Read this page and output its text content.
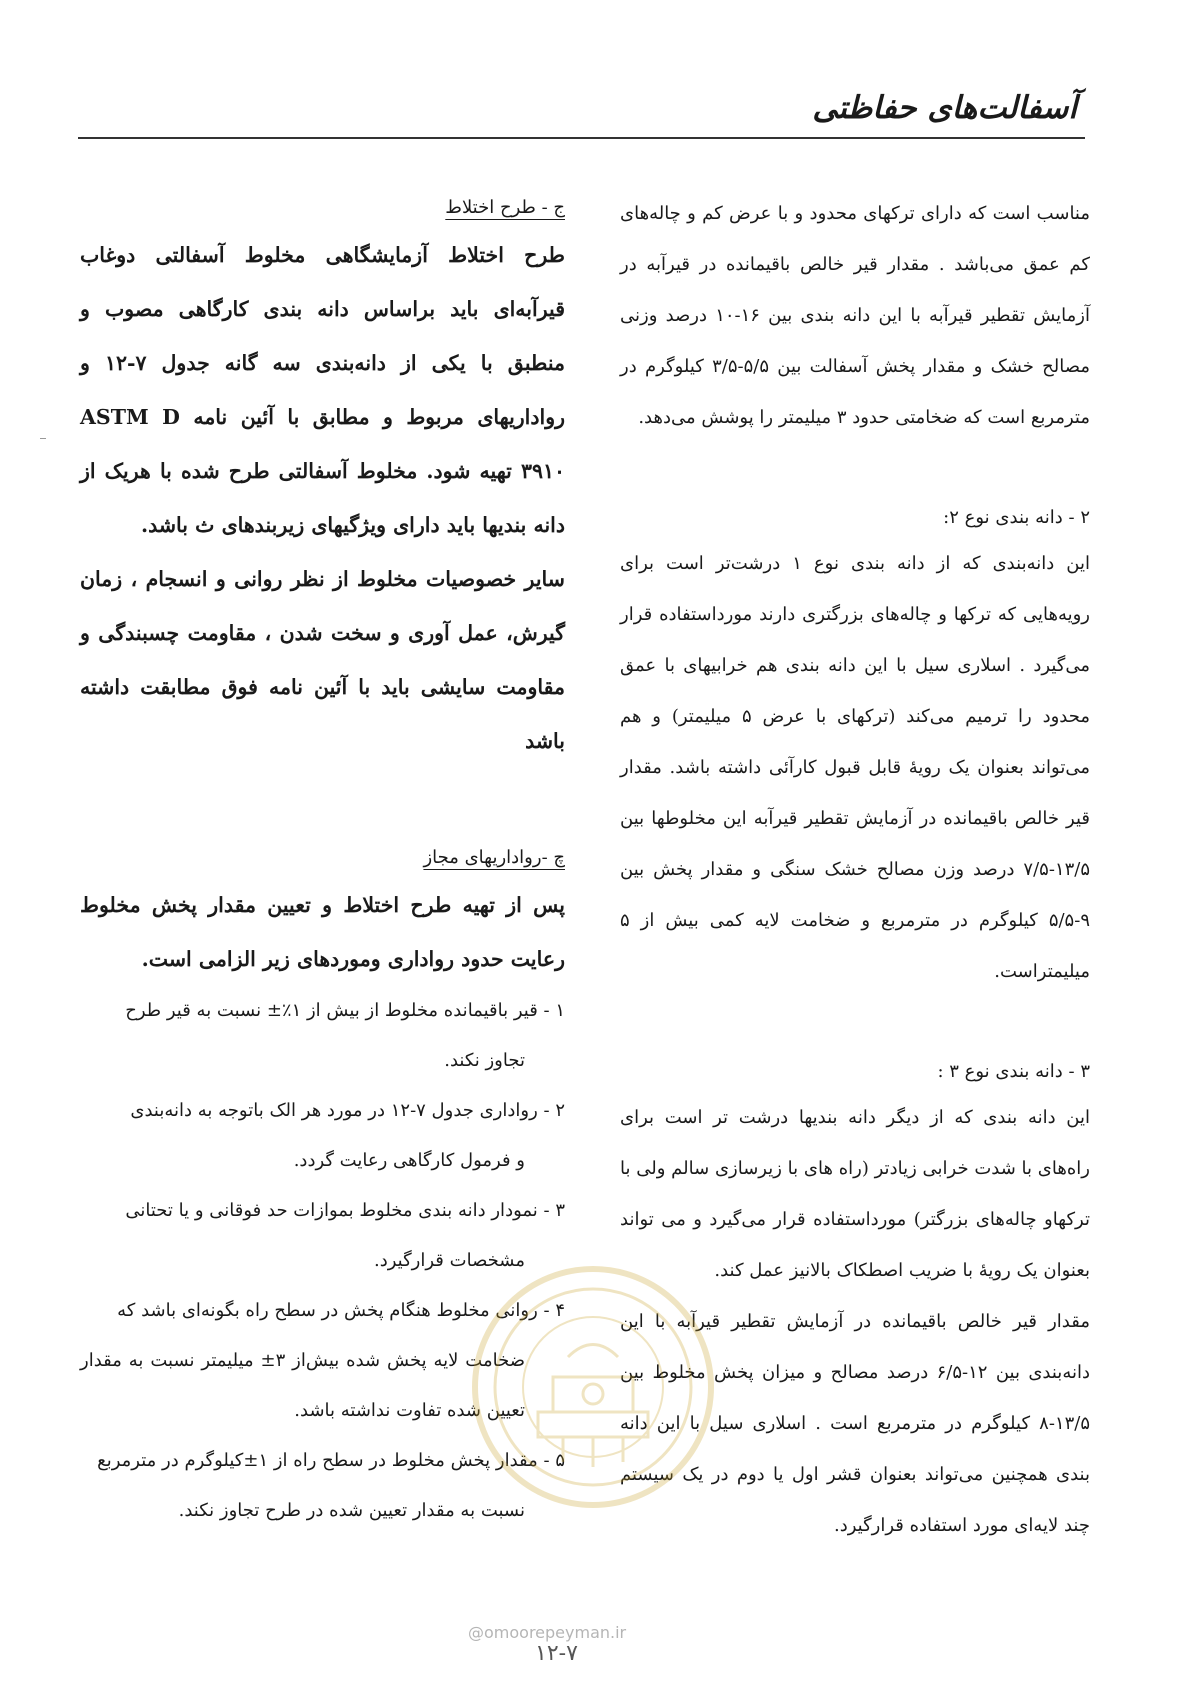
آسفالت‌های حفاظتی

مناسب است که دارای ترکهای محدود و با عرض کم و چاله‌های کم عمق می‌باشد . مقدار قیر خالص باقیمانده در قیرآبه در آزمایش تقطیر قیرآبه با این دانه بندی بین ۱۶-۱۰ درصد وزنی مصالح خشک و مقدار پخش آسفالت بین ۵/۵-۳/۵ کیلوگرم در مترمربع است که ضخامتی حدود ۳ میلیمتر را پوشش می‌دهد.

۲ - دانه بندی نوع ۲:

این دانه‌بندی که از دانه بندی نوع ۱ درشت‌تر است برای رویه‌هایی که ترکها و چاله‌های بزرگتری دارند مورداستفاده قرار می‌گیرد . اسلاری سیل با این دانه بندی هم خرابیهای با عمق محدود را ترمیم می‌کند (ترکهای با عرض ۵ میلیمتر) و هم می‌تواند بعنوان یک رویهٔ قابل قبول کارآئی داشته باشد. مقدار قیر خالص باقیمانده در آزمایش تقطیر قیرآبه این مخلوطها بین ۱۳/۵-۷/۵ درصد وزن مصالح خشک سنگی و مقدار پخش بین ۹-۵/۵ کیلوگرم در مترمربع و ضخامت لایه کمی بیش از ۵ میلیمتراست.

۳ - دانه بندی نوع ۳ :

این دانه بندی که از دیگر دانه بندیها درشت تر است برای راه‌های با شدت خرابی زیادتر (راه های با زیرسازی سالم ولی با ترکهاو چاله‌های بزرگتر) مورداستفاده قرار می‌گیرد و می تواند بعنوان یک رویهٔ با ضریب اصطکاک بالانیز عمل کند.

مقدار قیر خالص باقیمانده در آزمایش تقطیر قیرآبه با این دانه‌بندی بین ۱۲-۶/۵ درصد مصالح و میزان پخش مخلوط بین ۱۳/۵-۸ کیلوگرم در مترمربع است . اسلاری سیل با این دانه بندی همچنین می‌تواند بعنوان قشر اول یا دوم در یک سیستم چند لایه‌ای مورد استفاده قرارگیرد.

ج - طرح اختلاط

طرح اختلاط آزمایشگاهی مخلوط آسفالتی دوغاب قیرآبه‌ای باید براساس دانه بندی کارگاهی مصوب و منطبق با یکی از دانه‌بندی سه گانه جدول ۷-۱۲ و رواداریهای مربوط و مطابق با آئین نامه ASTM D ۳۹۱۰ تهیه شود. مخلوط آسفالتی طرح شده با هریک از دانه بندیها باید دارای ویژگیهای زیربندهای ث باشد.

سایر خصوصیات مخلوط از نظر روانی و انسجام ، زمان گیرش، عمل آوری و سخت شدن ، مقاومت چسبندگی و مقاومت سایشی باید با آئین نامه فوق مطابقت داشته باشد

چ -رواداریهای مجاز

پس از تهیه طرح اختلاط و تعیین مقدار پخش مخلوط رعایت حدود رواداری وموردهای زیر الزامی است.

۱ - قیر باقیمانده مخلوط از بیش از ۱٪± نسبت به قیر طرح
تجاوز نکند.
۲ - رواداری جدول ۷-۱۲ در مورد هر الک باتوجه به دانه‌بندی
و فرمول کارگاهی رعایت گردد.
۳ - نمودار دانه بندی مخلوط بموازات حد فوقانی و یا تحتانی
مشخصات قرارگیرد.
۴ - روانی مخلوط هنگام پخش در سطح راه بگونه‌ای باشد که
ضخامت لایه پخش شده بیش‌از ۳± میلیمتر نسبت به مقدار تعیین شده تفاوت نداشته باشد.
۵ - مقدار پخش مخلوط در سطح راه از ۱±کیلوگرم در مترمربع
نسبت به مقدار تعیین شده در طرح تجاوز نکند.
@omoorepeyman.ir
۱۲-۷
